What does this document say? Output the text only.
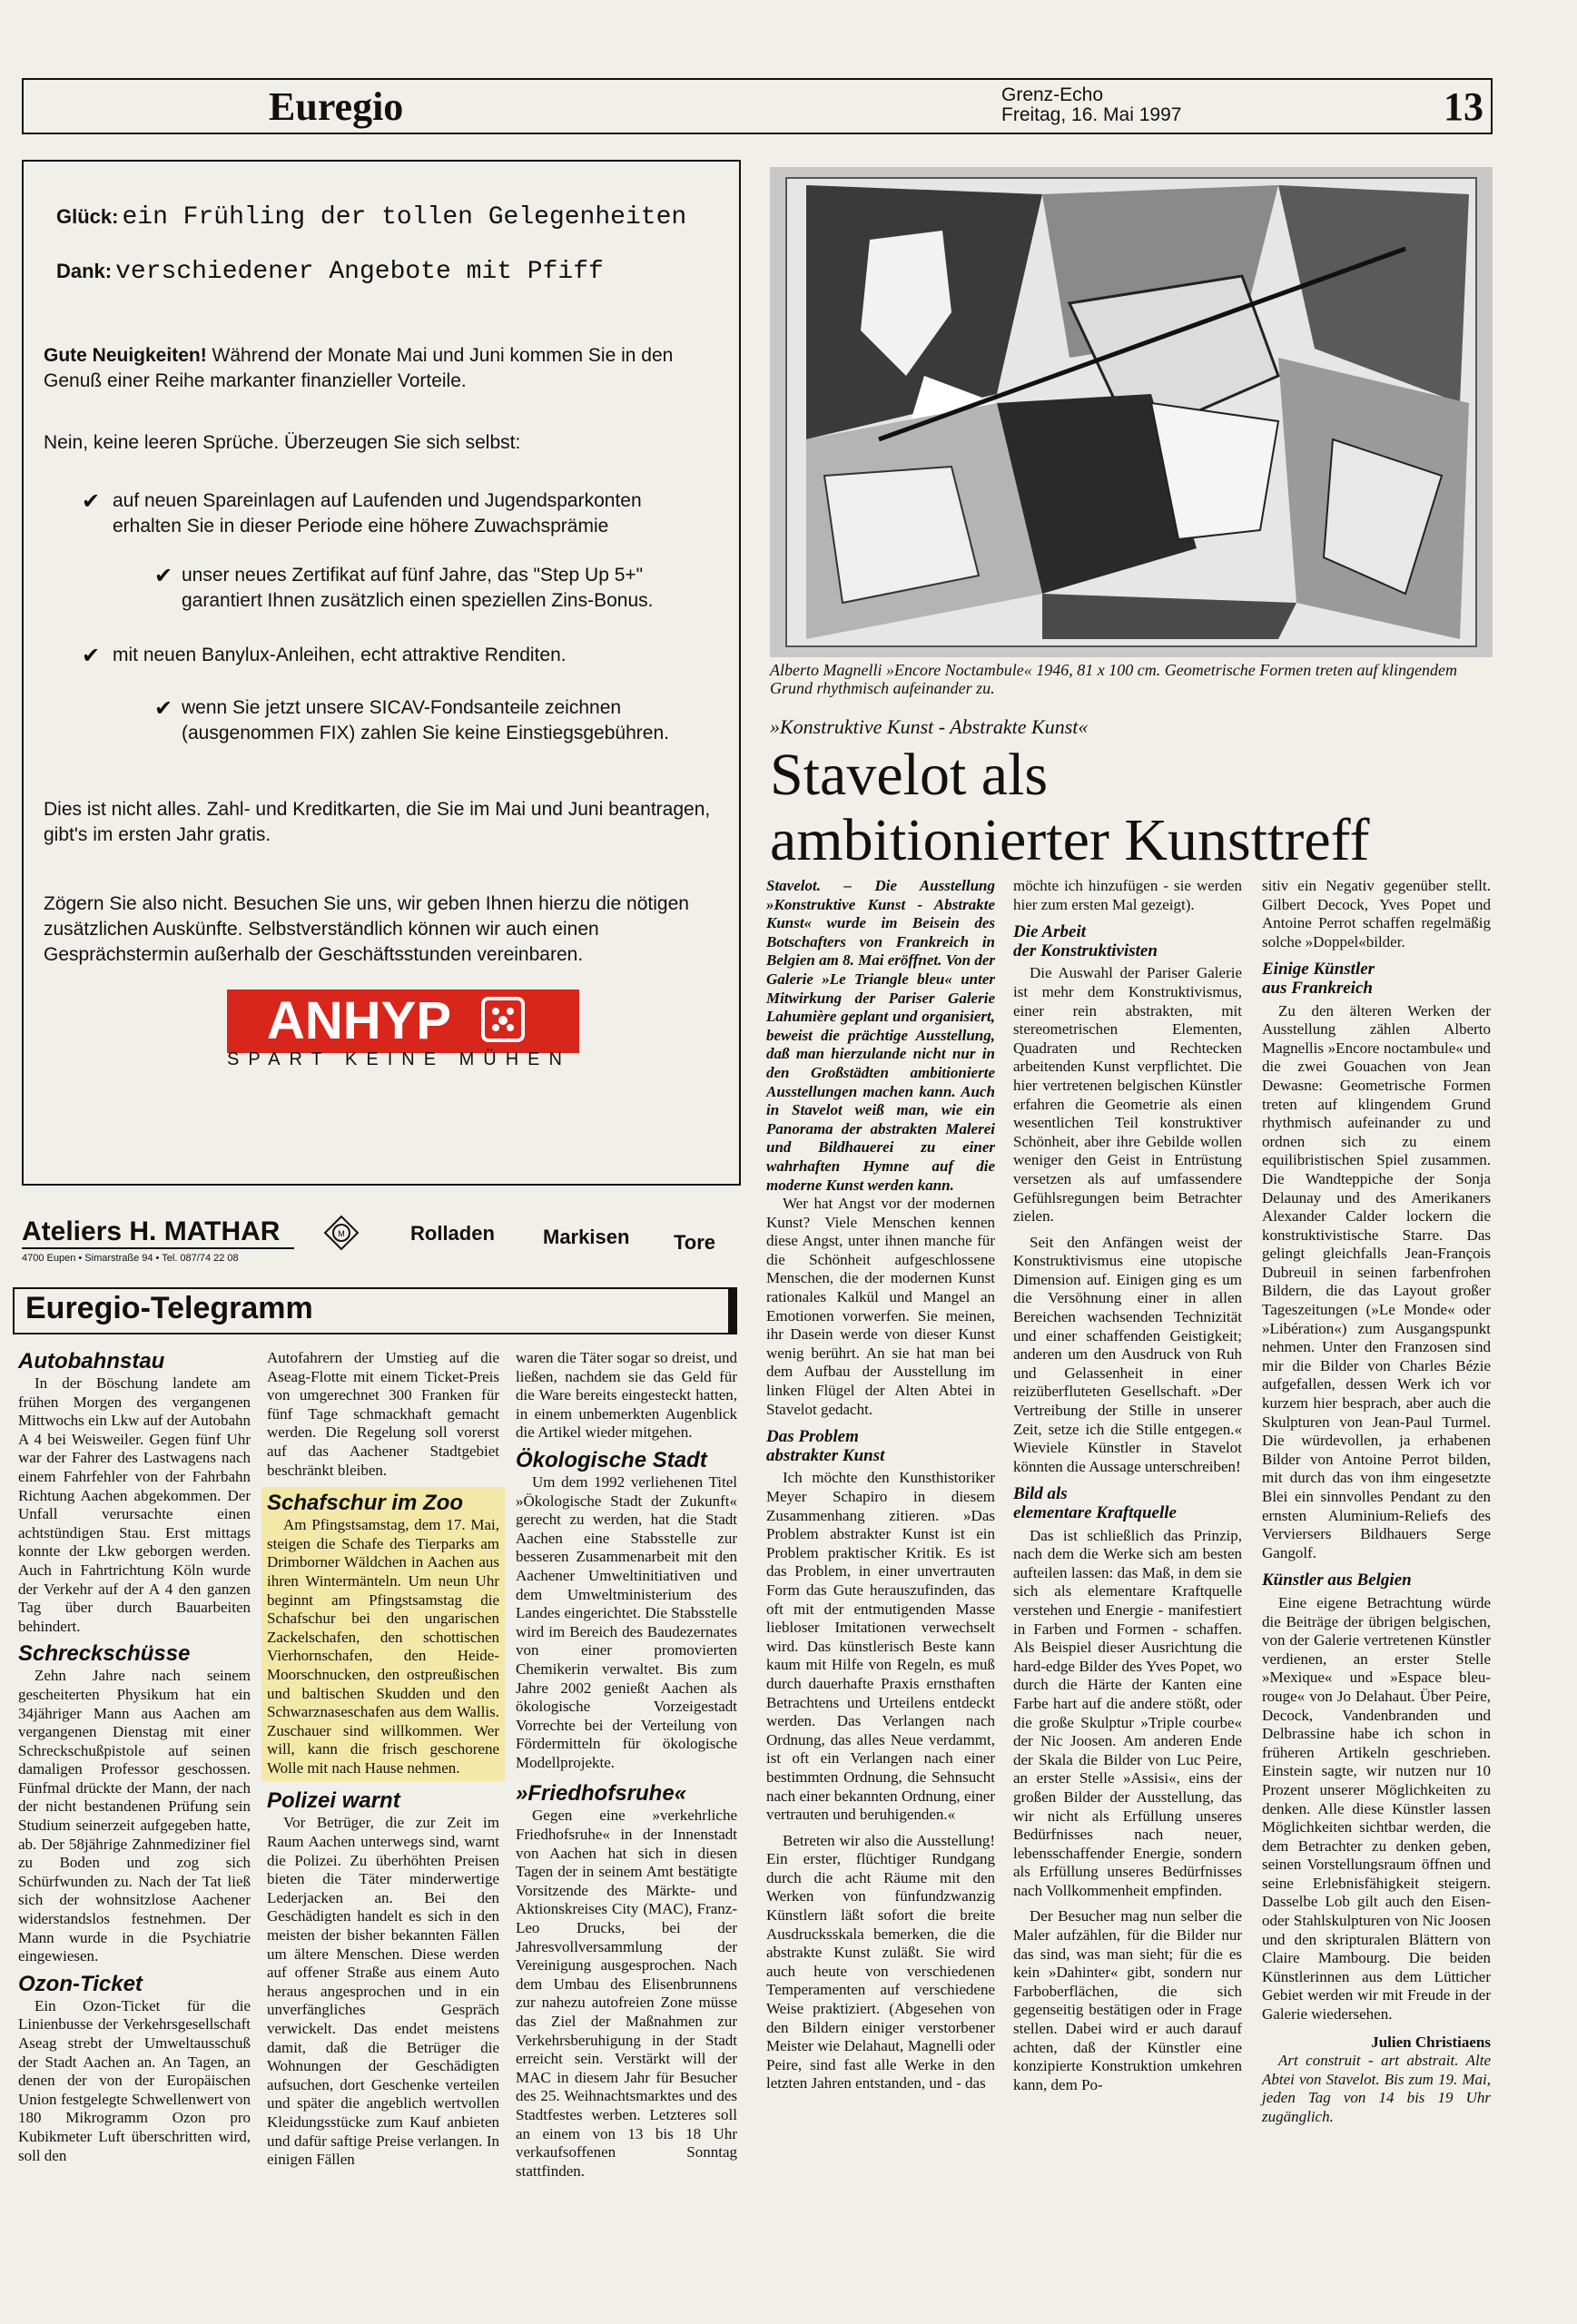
Euregio	Grenz-Echo
Freitag, 16. Mai 1997	13
Glück: ein Frühling der tollen Gelegenheiten
Dank: verschiedener Angebote mit Pfiff
Gute Neuigkeiten! Während der Monate Mai und Juni kommen Sie in den Genuß einer Reihe markanter finanzieller Vorteile.
Nein, keine leeren Sprüche. Überzeugen Sie sich selbst:
✔ auf neuen Spareinlagen auf Laufenden und Jugendsparkonten erhalten Sie in dieser Periode eine höhere Zuwachsprämie
✔ unser neues Zertifikat auf fünf Jahre, das "Step Up 5+" garantiert Ihnen zusätzlich einen speziellen Zins-Bonus.
✔ mit neuen Banylux-Anleihen, echt attraktive Renditen.
✔ wenn Sie jetzt unsere SICAV-Fondsanteile zeichnen (ausgenommen FIX) zahlen Sie keine Einstiegsgebühren.
Dies ist nicht alles. Zahl- und Kreditkarten, die Sie im Mai und Juni beantragen, gibt's im ersten Jahr gratis.
Zögern Sie also nicht. Besuchen Sie uns, wir geben Ihnen hierzu die nötigen zusätzlichen Auskünfte. Selbstverständlich können wir auch einen Gesprächstermin außerhalb der Geschäftsstunden vereinbaren.
ANHYP
SPART KEINE MÜHEN
Ateliers H. MATHAR
4700 Eupen • Simarstraße 94 • Tel. 087/74 22 08
M	Rolladen Markisen Tore
Euregio-Telegramm
Autobahnstau

In der Böschung landete am frühen Morgen des vergangenen Mittwochs ein Lkw auf der Autobahn A 4 bei Weisweiler. Gegen fünf Uhr war der Fahrer des Lastwagens nach einem Fahrfehler von der Fahrbahn Richtung Aachen abgekommen. Der Unfall verursachte einen achtstündigen Stau. Erst mittags konnte der Lkw geborgen werden. Auch in Fahrtrichtung Köln wurde der Verkehr auf der A 4 den ganzen Tag über durch Bauarbeiten behindert.

Schreckschüsse

Zehn Jahre nach seinem gescheiterten Physikum hat ein 34jähriger Mann aus Aachen am vergangenen Dienstag mit einer Schreckschußpistole auf seinen damaligen Professor geschossen. Fünfmal drückte der Mann, der nach der nicht bestandenen Prüfung sein Studium seinerzeit aufgegeben hatte, ab. Der 58jährige Zahnmediziner fiel zu Boden und zog sich Schürfwunden zu. Nach der Tat ließ sich der wohnsitzlose Aachener widerstandslos festnehmen. Der Mann wurde in die Psychiatrie eingewiesen.

Ozon-Ticket

Ein Ozon-Ticket für die Linienbusse der Verkehrsgesellschaft Aseag strebt der Umweltausschuß der Stadt Aachen an. An Tagen, an denen der von der Europäischen Union festgelegte Schwellenwert von 180 Mikrogramm Ozon pro Kubikmeter Luft überschritten wird, soll den

Autofahrern der Umstieg auf die Aseag-Flotte mit einem Ticket-Preis von umgerechnet 300 Franken für fünf Tage schmackhaft gemacht werden. Die Regelung soll vorerst auf das Aachener Stadtgebiet beschränkt bleiben.

Schafschur im Zoo

Am Pfingstsamstag, dem 17. Mai, steigen die Schafe des Tierparks am Drimborner Wäldchen in Aachen aus ihren Wintermänteln. Um neun Uhr beginnt am Pfingstsamstag die Schafschur bei den ungarischen Zackelschafen, den schottischen Vierhornschafen, den Heide-Moorschnucken, den ostpreußischen und baltischen Skudden und den Schwarznaseschafen aus dem Wallis. Zuschauer sind willkommen. Wer will, kann die frisch geschorene Wolle mit nach Hause nehmen.

Polizei warnt

Vor Betrüger, die zur Zeit im Raum Aachen unterwegs sind, warnt die Polizei. Zu überhöhten Preisen bieten die Täter minderwertige Lederjacken an. Bei den Geschädigten handelt es sich in den meisten der bisher bekannten Fällen um ältere Menschen. Diese werden auf offener Straße aus einem Auto heraus angesprochen und in ein unverfängliches Gespräch verwickelt. Das endet meistens damit, daß die Betrüger die Wohnungen der Geschädigten aufsuchen, dort Geschenke verteilen und später die angeblich wertvollen Kleidungsstücke zum Kauf anbieten und dafür saftige Preise verlangen. In einigen Fällen

waren die Täter sogar so dreist, und ließen, nachdem sie das Geld für die Ware bereits eingesteckt hatten, in einem unbemerkten Augenblick die Artikel wieder mitgehen.

Ökologische Stadt

Um dem 1992 verliehenen Titel »Ökologische Stadt der Zukunft« gerecht zu werden, hat die Stadt Aachen eine Stabsstelle zur besseren Zusammenarbeit mit den Aachener Umweltinitiativen und dem Umweltministerium des Landes eingerichtet. Die Stabsstelle wird im Bereich des Baudezernates von einer promovierten Chemikerin verwaltet. Bis zum Jahre 2002 genießt Aachen als ökologische Vorzeigestadt Vorrechte bei der Verteilung von Fördermitteln für ökologische Modellprojekte.

»Friedhofsruhe«

Gegen eine »verkehrliche Friedhofsruhe« in der Innenstadt von Aachen hat sich in diesen Tagen der in seinem Amt bestätigte Vorsitzende des Märkte- und Aktionskreises City (MAC), Franz-Leo Drucks, bei der Jahresvollversammlung der Vereinigung ausgesprochen. Nach dem Umbau des Elisenbrunnens zur nahezu autofreien Zone müsse das Ziel der Maßnahmen zur Verkehrsberuhigung in der Stadt erreicht sein. Verstärkt will der MAC in diesem Jahr für Besucher des 25. Weihnachtsmarktes und des Stadtfestes werben. Letzteres soll an einem von 13 bis 18 Uhr verkaufsoffenen Sonntag stattfinden.

Alberto Magnelli »Encore Noctambule« 1946, 81 x 100 cm. Geometrische Formen treten auf klingendem Grund rhythmisch aufeinander zu.
»Konstruktive Kunst - Abstrakte Kunst«
Stavelot als
ambitionierter Kunsttreff

Stavelot. – Die Ausstellung »Konstruktive Kunst - Abstrakte Kunst« wurde im Beisein des Botschafters von Frankreich in Belgien am 8. Mai eröffnet. Von der Galerie »Le Triangle bleu« unter Mitwirkung der Pariser Galerie Lahumière geplant und organisiert, beweist die prächtige Ausstellung, daß man hierzulande nicht nur in den Großstädten ambitionierte Ausstellungen machen kann. Auch in Stavelot weiß man, wie ein Panorama der abstrakten Malerei und Bildhauerei zu einer wahrhaften Hymne auf die moderne Kunst werden kann.

Wer hat Angst vor der modernen Kunst? Viele Menschen kennen diese Angst, unter ihnen manche für die Schönheit aufgeschlossene Menschen, die der modernen Kunst rationales Kalkül und Mangel an Emotionen vorwerfen. Sie meinen, ihr Dasein werde von dieser Kunst wenig berührt. An sie hat man bei dem Aufbau der Ausstellung im linken Flügel der Alten Abtei in Stavelot gedacht.

Das Problem
abstrakter Kunst

Ich möchte den Kunsthistoriker Meyer Schapiro in diesem Zusammenhang zitieren. »Das Problem abstrakter Kunst ist ein Problem praktischer Kritik. Es ist das Problem, in einer unvertrauten Form das Gute herauszufinden, das oft mit der entmutigenden Masse liebloser Imitationen verwechselt wird. Das künstlerisch Beste kann kaum mit Hilfe von Regeln, es muß durch dauerhafte Praxis ernsthaften Betrachtens und Urteilens entdeckt werden. Das Verlangen nach Ordnung, das alles Neue verdammt, ist oft ein Verlangen nach einer bestimmten Ordnung, die Sehnsucht nach einer bekannten Ordnung, einer vertrauten und beruhigenden.«

Betreten wir also die Ausstellung! Ein erster, flüchtiger Rundgang durch die acht Räume mit den Werken von fünfundzwanzig Künstlern läßt sofort die breite Ausdrucksskala bemerken, die die abstrakte Kunst zuläßt. Sie wird auch heute von verschiedenen Temperamenten auf verschiedene Weise praktiziert. (Abgesehen von den Bildern einiger verstorbener Meister wie Delahaut, Magnelli oder Peire, sind fast alle Werke in den letzten Jahren entstanden, und - das

möchte ich hinzufügen - sie werden hier zum ersten Mal gezeigt).

Die Arbeit
der Konstruktivisten

Die Auswahl der Pariser Galerie ist mehr dem Konstruktivismus, einer rein abstrakten, mit stereometrischen Elementen, Quadraten und Rechtecken arbeitenden Kunst verpflichtet. Die hier vertretenen belgischen Künstler erfahren die Geometrie als einen wesentlichen Teil konstruktiver Schönheit, aber ihre Gebilde wollen weniger den Geist in Entrüstung versetzen als auf umfassendere Gefühlsregungen beim Betrachter zielen.

Seit den Anfängen weist der Konstruktivismus eine utopische Dimension auf. Einigen ging es um die Versöhnung einer in allen Bereichen wachsenden Technizität und einer schaffenden Geistigkeit; anderen um den Ausdruck von Ruh und Gelassenheit in einer reizüberfluteten Gesellschaft. »Der Vertreibung der Stille in unserer Zeit, setze ich die Stille entgegen.« Wieviele Künstler in Stavelot könnten die Aussage unterschreiben!

Bild als
elementare Kraftquelle

Das ist schließlich das Prinzip, nach dem die Werke sich am besten aufteilen lassen: das Maß, in dem sie sich als elementare Kraftquelle verstehen und Energie - manifestiert in Farben und Formen - schaffen. Als Beispiel dieser Ausrichtung die hard-edge Bilder des Yves Popet, wo durch die Härte der Kanten eine Farbe hart auf die andere stößt, oder die große Skulptur »Triple courbe« der Nic Joosen. Am anderen Ende der Skala die Bilder von Luc Peire, an erster Stelle »Assisi«, eins der großen Bilder der Ausstellung, das wir nicht als Erfüllung unseres Bedürfnisses nach neuer, lebensschaffender Energie, sondern als Erfüllung unseres Bedürfnisses nach Vollkommenheit empfinden.

Der Besucher mag nun selber die Maler aufzählen, für die Bilder nur das sind, was man sieht; für die es kein »Dahinter« gibt, sondern nur Farboberflächen, die sich gegenseitig bestätigen oder in Frage stellen. Dabei wird er auch darauf achten, daß der Künstler eine konzipierte Konstruktion umkehren kann, dem Po-

sitiv ein Negativ gegenüber stellt. Gilbert Decock, Yves Popet und Antoine Perrot schaffen regelmäßig solche »Doppel«bilder.

Einige Künstler
aus Frankreich

Zu den älteren Werken der Ausstellung zählen Alberto Magnellis »Encore noctambule« und die zwei Gouachen von Jean Dewasne: Geometrische Formen treten auf klingendem Grund rhythmisch aufeinander zu und ordnen sich zu einem equilibristischen Spiel zusammen. Die Wandteppiche der Sonja Delaunay und des Amerikaners Alexander Calder lockern die konstruktivistische Starre. Das gelingt gleichfalls Jean-François Dubreuil in seinen farbenfrohen Bildern, die das Layout großer Tageszeitungen (»Le Monde« oder »Libération«) zum Ausgangspunkt nehmen. Unter den Franzosen sind mir die Bilder von Charles Bézie aufgefallen, dessen Werk ich vor kurzem hier besprach, aber auch die Skulpturen von Jean-Paul Turmel. Die würdevollen, ja erhabenen Bilder von Antoine Perrot bilden, mit durch das von ihm eingesetzte Blei ein sinnvolles Pendant zu den ernsten Aluminium-Reliefs des Verviersers Bildhauers Serge Gangolf.

Künstler aus Belgien

Eine eigene Betrachtung würde die Beiträge der übrigen belgischen, von der Galerie vertretenen Künstler verdienen, an erster Stelle »Mexique« und »Espace bleu-rouge« von Jo Delahaut. Über Peire, Decock, Vandenbranden und Delbrassine habe ich schon in früheren Artikeln geschrieben. Einstein sagte, wir nutzen nur 10 Prozent unserer Möglichkeiten zu denken. Alle diese Künstler lassen Möglichkeiten sichtbar werden, die dem Betrachter zu denken geben, seinen Vorstellungsraum öffnen und seine Erlebnisfähigkeit steigern. Dasselbe Lob gilt auch den Eisen- oder Stahlskulpturen von Nic Joosen und den skripturalen Blättern von Claire Mambourg. Die beiden Künstlerinnen aus dem Lütticher Gebiet werden wir mit Freude in der Galerie wiedersehen.

Julien Christiaens

Art construit - art abstrait. Alte Abtei von Stavelot. Bis zum 19. Mai, jeden Tag von 14 bis 19 Uhr zugänglich.
